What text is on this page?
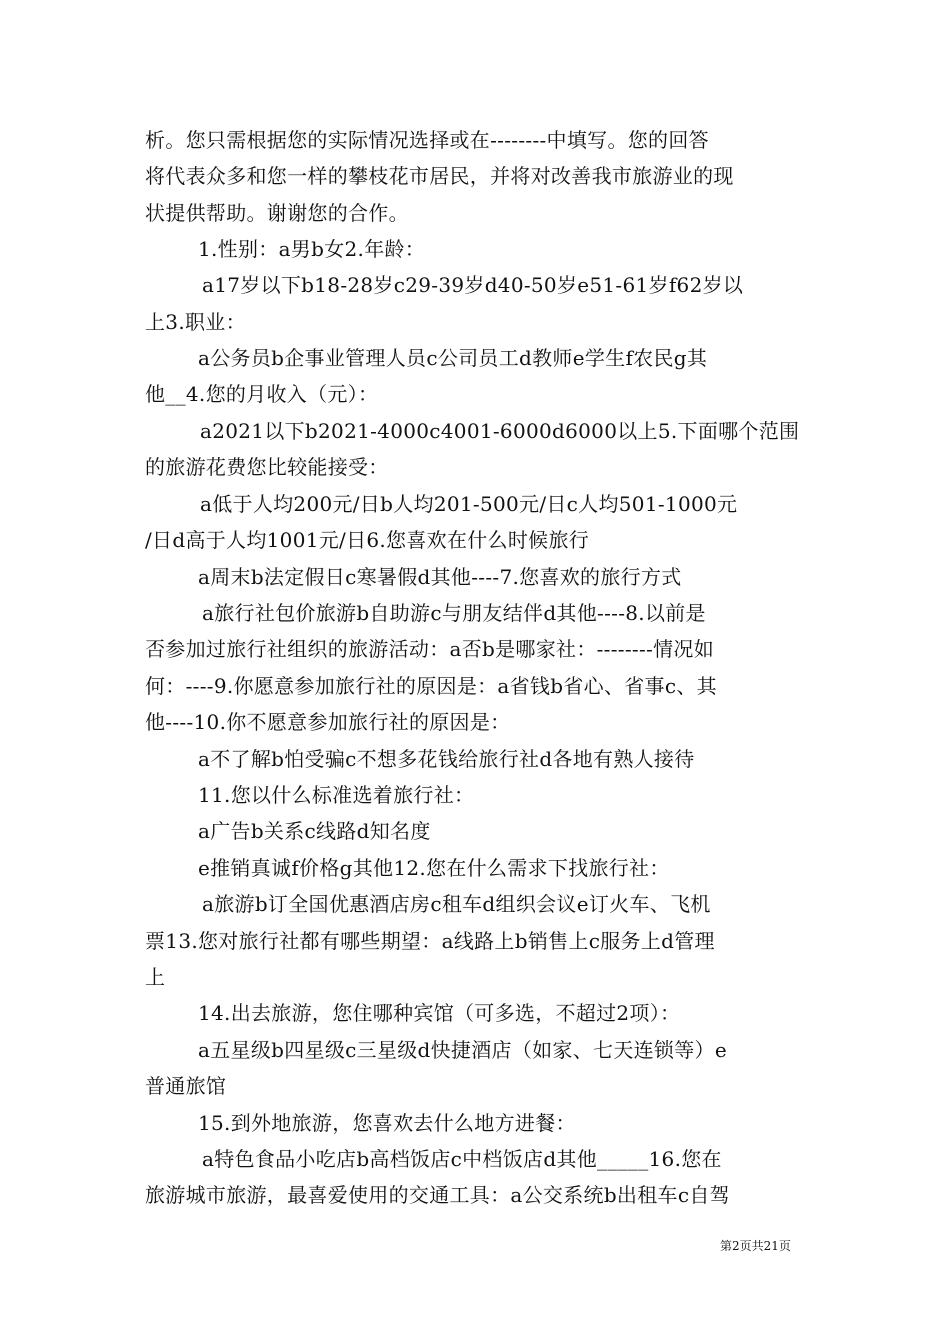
析。您只需根据您的实际情况选择或在--------中填写。您的回答
将代表众多和您一样的攀枝花市居民，并将对改善我市旅游业的现
状提供帮助。谢谢您的合作。
1.性别：a男b女2.年龄：
a17岁以下b18-28岁c29-39岁d40-50岁e51-61岁f62岁以
上3.职业：
a公务员b企事业管理人员c公司员工d教师e学生f农民g其
他__4.您的月收入（元）：
a2021以下b2021-4000c4001-6000d6000以上5.下面哪个范围
的旅游花费您比较能接受：
a低于人均200元/日b人均201-500元/日c人均501-1000元
/日d高于人均1001元/日6.您喜欢在什么时候旅行
a周末b法定假日c寒暑假d其他----7.您喜欢的旅行方式
a旅行社包价旅游b自助游c与朋友结伴d其他----8.以前是
否参加过旅行社组织的旅游活动：a否b是哪家社：--------情况如
何：----9.你愿意参加旅行社的原因是：a省钱b省心、省事c、其
他----10.你不愿意参加旅行社的原因是：
a不了解b怕受骗c不想多花钱给旅行社d各地有熟人接待
11.您以什么标准选着旅行社：
a广告b关系c线路d知名度
e推销真诚f价格g其他12.您在什么需求下找旅行社：
a旅游b订全国优惠酒店房c租车d组织会议e订火车、飞机
票13.您对旅行社都有哪些期望：a线路上b销售上c服务上d管理
上
14.出去旅游，您住哪种宾馆（可多选，不超过2项）：
a五星级b四星级c三星级d快捷酒店（如家、七天连锁等）e
普通旅馆
15.到外地旅游，您喜欢去什么地方进餐：
a特色食品小吃店b高档饭店c中档饭店d其他_____16.您在
旅游城市旅游，最喜爱使用的交通工具：a公交系统b出租车c自驾
第2页共21页
